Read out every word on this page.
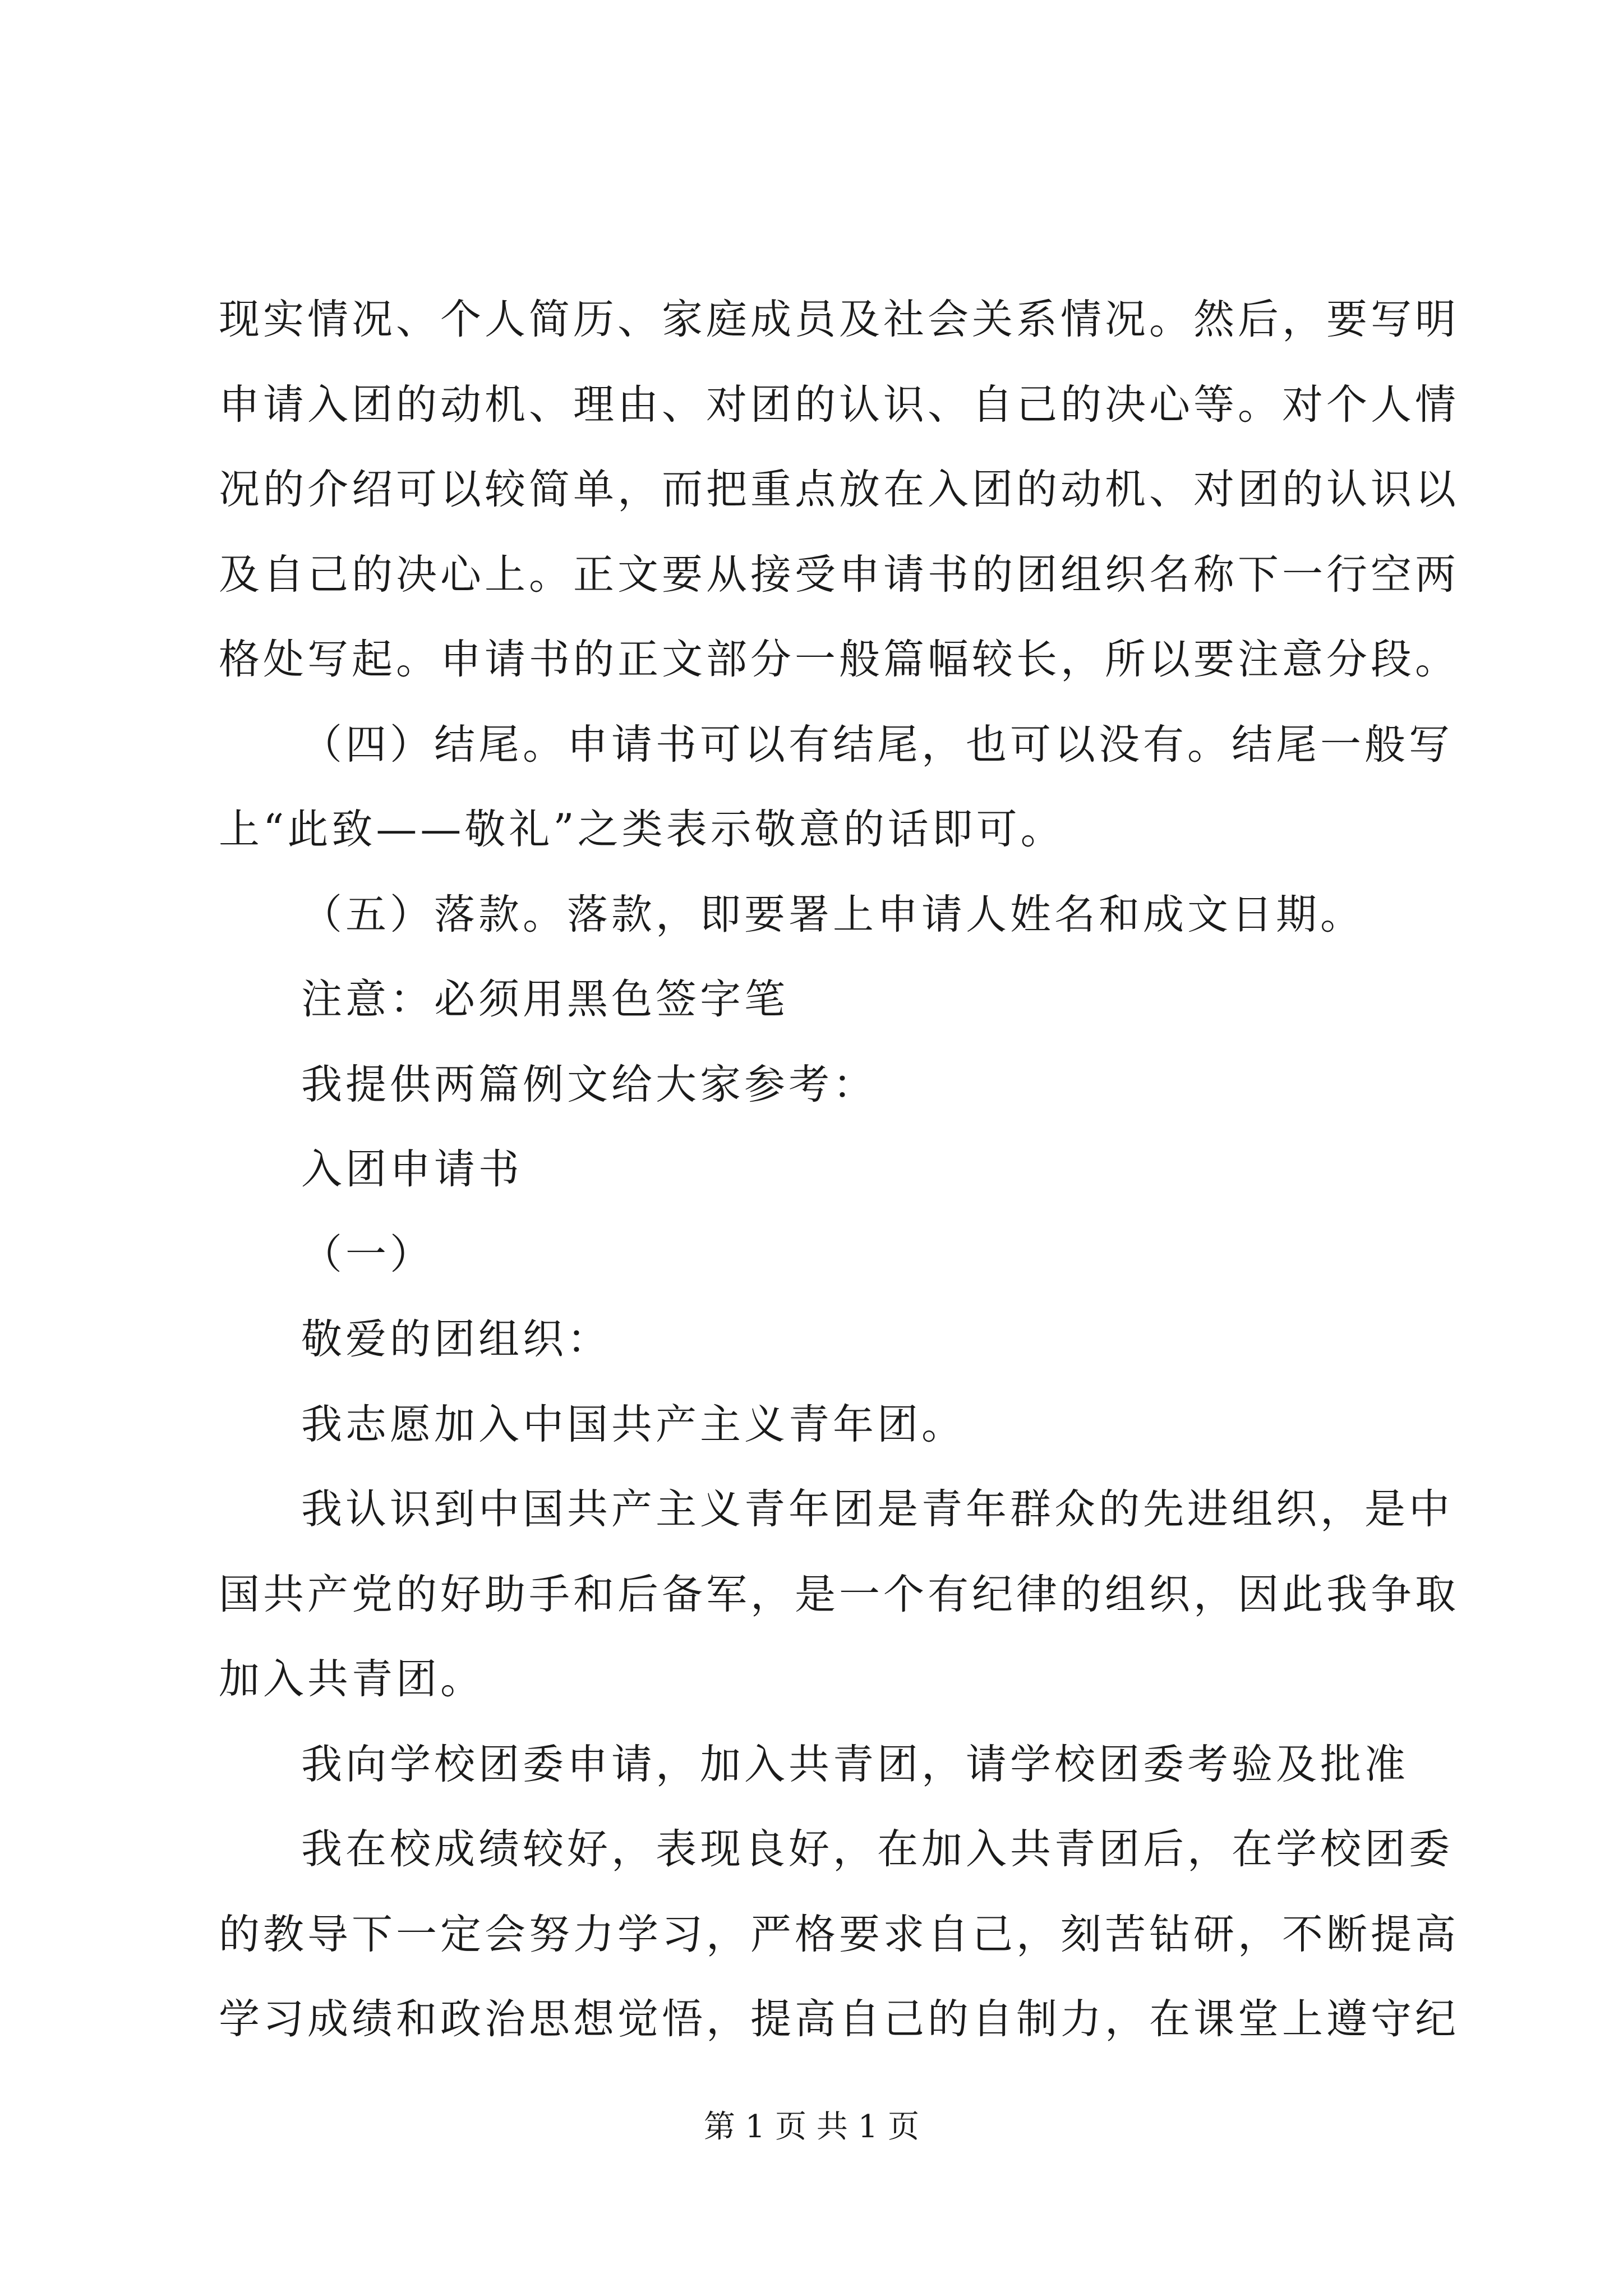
现实情况、个人简历、家庭成员及社会关系情况。然后，要写明
申请入团的动机、理由、对团的认识、自己的决心等。对个人情
况的介绍可以较简单，而把重点放在入团的动机、对团的认识以
及自己的决心上。正文要从接受申请书的团组织名称下一行空两
格处写起。申请书的正文部分一般篇幅较长，所以要注意分段。
（四）结尾。申请书可以有结尾，也可以没有。结尾一般写
上“此致——敬礼”之类表示敬意的话即可。
（五）落款。落款，即要署上申请人姓名和成文日期。
注意：必须用黑色签字笔
我提供两篇例文给大家参考：
入团申请书
（一）
敬爱的团组织：
我志愿加入中国共产主义青年团。
我认识到中国共产主义青年团是青年群众的先进组织，是中
国共产党的好助手和后备军，是一个有纪律的组织，因此我争取
加入共青团。
我向学校团委申请，加入共青团，请学校团委考验及批准
我在校成绩较好，表现良好，在加入共青团后，在学校团委
的教导下一定会努力学习，严格要求自己，刻苦钻研，不断提高
学习成绩和政治思想觉悟，提高自己的自制力，在课堂上遵守纪
第 1 页 共 1 页
